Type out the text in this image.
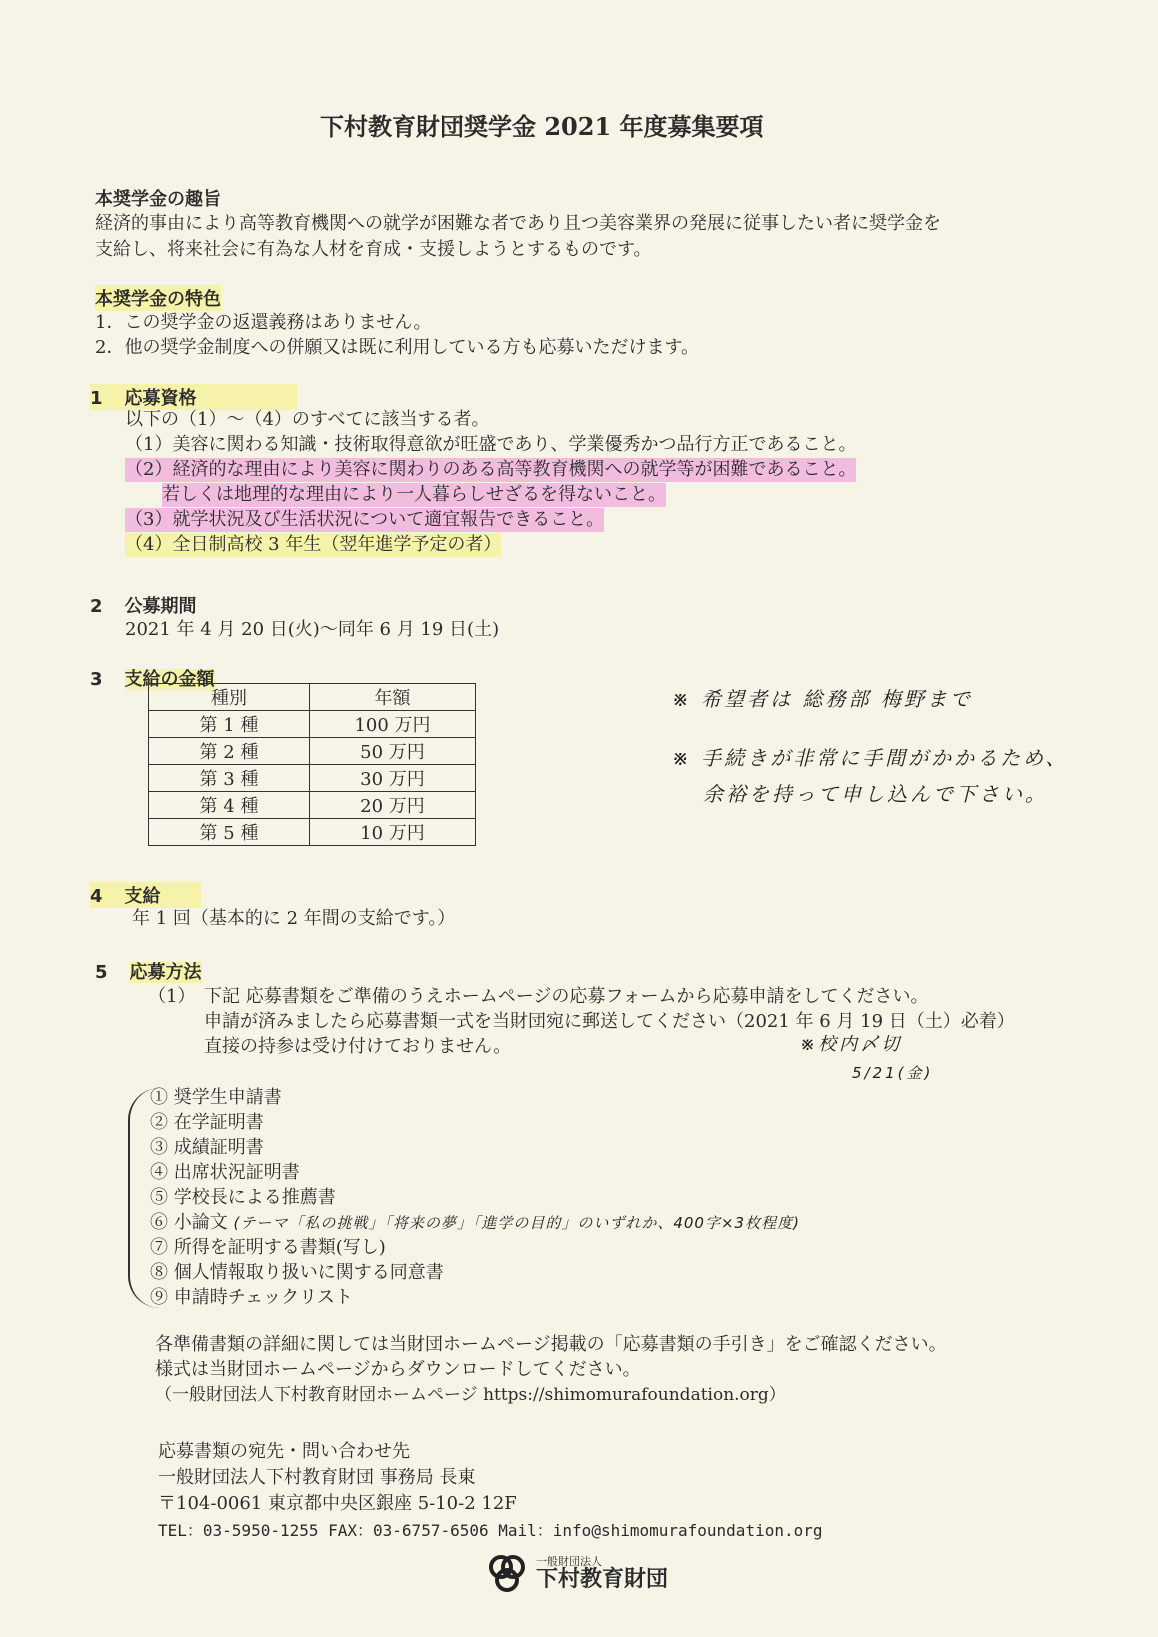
下村教育財団奨学金 2021 年度募集要項
本奨学金の趣旨
経済的事由により高等教育機関への就学が困難な者であり且つ美容業界の発展に従事したい者に奨学金を
支給し、将来社会に有為な人材を育成・支援しようとするものです。
本奨学金の特色
1．この奨学金の返還義務はありません。
2．他の奨学金制度への併願又は既に利用している方も応募いただけます。
1 応募資格
以下の（1）～（4）のすべてに該当する者。
（1）美容に関わる知識・技術取得意欲が旺盛であり、学業優秀かつ品行方正であること。
（2）経済的な理由により美容に関わりのある高等教育機関への就学等が困難であること。
若しくは地理的な理由により一人暮らしせざるを得ないこと。
（3）就学状況及び生活状況について適宜報告できること。
（4）全日制高校 3 年生（翌年進学予定の者）
2 公募期間
2021 年 4 月 20 日(火)～同年 6 月 19 日(土)
3 支給の金額
種別	年額
第 1 種	100 万円
第 2 種	50 万円
第 3 種	30 万円
第 4 種	20 万円
第 5 種	10 万円
※ 希望者は 総務部 梅野まで
※ 手続きが非常に手間がかかるため、
余裕を持って申し込んで下さい。
4 支給
年 1 回（基本的に 2 年間の支給です。）
5 応募方法
（1） 下記 応募書類をご準備のうえホームページの応募フォームから応募申請をしてください。
申請が済みましたら応募書類一式を当財団宛に郵送してください（2021 年 6 月 19 日（土）必着）
直接の持参は受け付けておりません。	※校内〆切
5/21(金)
① 奨学生申請書
② 在学証明書
③ 成績証明書
④ 出席状況証明書
⑤ 学校長による推薦書
⑥ 小論文 (テーマ「私の挑戦」「将来の夢」「進学の目的」のいずれか、400字×3枚程度)
⑦ 所得を証明する書類(写し)
⑧ 個人情報取り扱いに関する同意書
⑨ 申請時チェックリスト
各準備書類の詳細に関しては当財団ホームページ掲載の「応募書類の手引き」をご確認ください。
様式は当財団ホームページからダウンロードしてください。
（一般財団法人下村教育財団ホームページ https://shimomurafoundation.org）
応募書類の宛先・問い合わせ先
一般財団法人下村教育財団 事務局 長東
〒104-0061 東京都中央区銀座 5-10-2 12F
TEL：03-5950-1255 FAX：03-6757-6506 Mail：info@shimomurafoundation.org
一般財団法人
下村教育財団
